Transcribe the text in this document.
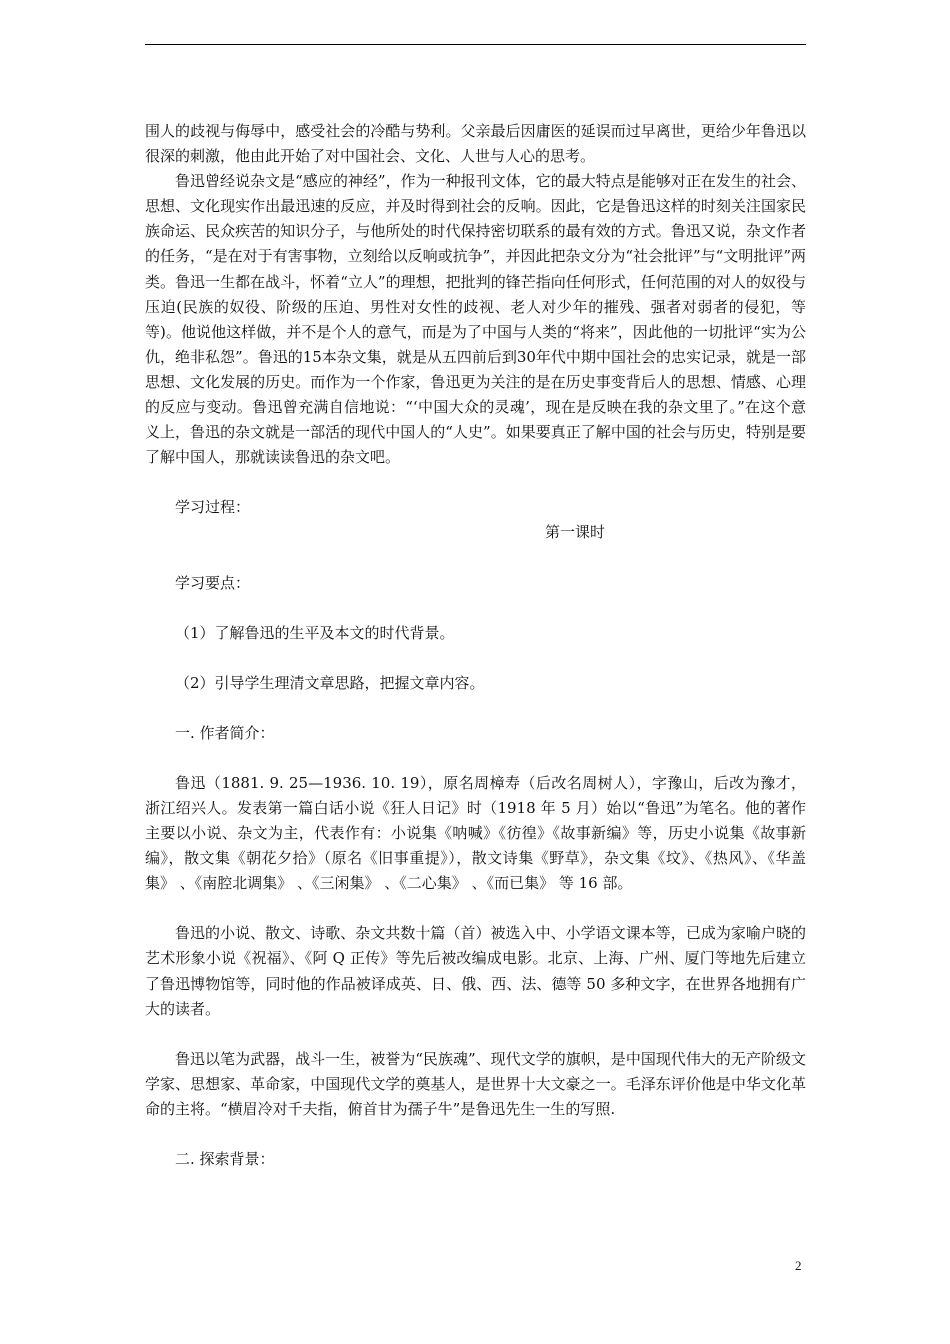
围人的歧视与侮辱中，感受社会的冷酷与势利。父亲最后因庸医的延误而过早离世，更给少年鲁迅以很深的刺激，他由此开始了对中国社会、文化、人世与人心的思考。

鲁迅曾经说杂文是“感应的神经”，作为一种报刊文体，它的最大特点是能够对正在发生的社会、思想、文化现实作出最迅速的反应，并及时得到社会的反响。因此，它是鲁迅这样的时刻关注国家民族命运、民众疾苦的知识分子，与他所处的时代保持密切联系的最有效的方式。鲁迅又说，杂文作者的任务，“是在对于有害事物，立刻给以反响或抗争”，并因此把杂文分为“社会批评”与“文明批评”两类。鲁迅一生都在战斗，怀着“立人”的理想，把批判的锋芒指向任何形式，任何范围的对人的奴役与压迫(民族的奴役、阶级的压迫、男性对女性的歧视、老人对少年的摧残、强者对弱者的侵犯，等等)。他说他这样做，并不是个人的意气，而是为了中国与人类的“将来”，因此他的一切批评“实为公仇，绝非私怨”。鲁迅的15本杂文集，就是从五四前后到30年代中期中国社会的忠实记录，就是一部思想、文化发展的历史。而作为一个作家，鲁迅更为关注的是在历史事变背后人的思想、情感、心理的反应与变动。鲁迅曾充满自信地说：“‘中国大众的灵魂’，现在是反映在我的杂文里了。”在这个意义上，鲁迅的杂文就是一部活的现代中国人的“人史”。如果要真正了解中国的社会与历史，特别是要了解中国人，那就读读鲁迅的杂文吧。

学习过程：

第一课时

学习要点：

（1）了解鲁迅的生平及本文的时代背景。

（2）引导学生理清文章思路，把握文章内容。

一. 作者简介：

鲁迅（1881. 9. 25—1936. 10. 19），原名周樟寿（后改名周树人），字豫山，后改为豫才，浙江绍兴人。发表第一篇白话小说《狂人日记》时（1918 年 5 月）始以“鲁迅”为笔名。他的著作主要以小说、杂文为主，代表作有：小说集《呐喊》《彷徨》《故事新编》等，历史小说集《故事新编》，散文集《朝花夕拾》（原名《旧事重提》），散文诗集《野草》，杂文集《坟》、《热风》、《华盖集》 、《南腔北调集》 、《三闲集》 、《二心集》 、《而已集》 等 16 部。

鲁迅的小说、散文、诗歌、杂文共数十篇（首）被选入中、小学语文课本等，已成为家喻户晓的艺术形象小说《祝福》、《阿 Q 正传》等先后被改编成电影。北京、上海、广州、厦门等地先后建立了鲁迅博物馆等，同时他的作品被译成英、日、俄、西、法、德等 50 多种文字，在世界各地拥有广大的读者。

鲁迅以笔为武器，战斗一生，被誉为“民族魂”、现代文学的旗帜，是中国现代伟大的无产阶级文学家、思想家、革命家，中国现代文学的奠基人，是世界十大文豪之一。毛泽东评价他是中华文化革命的主将。“横眉冷对千夫指，俯首甘为孺子牛”是鲁迅先生一生的写照.

二. 探索背景：

2
